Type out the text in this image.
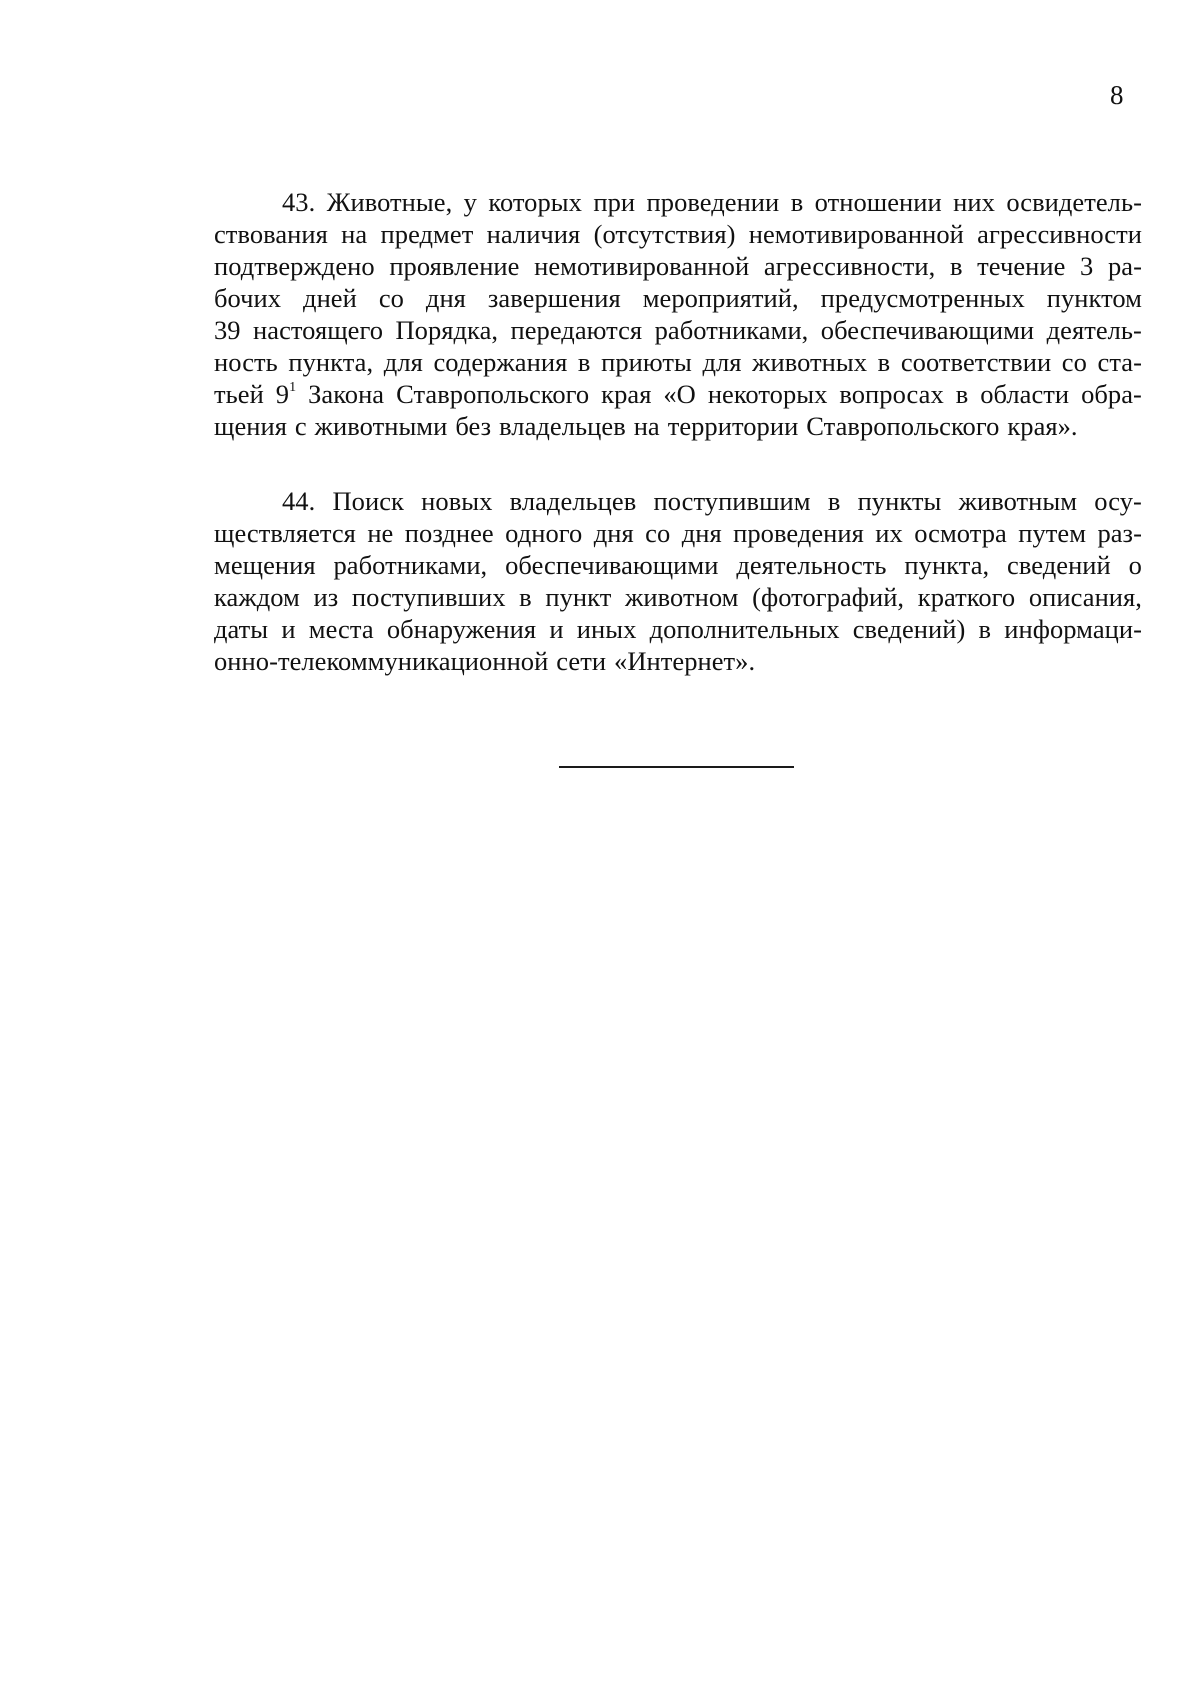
8
43. Животные, у которых при проведении в отношении них освидетель-
ствования на предмет наличия (отсутствия) немотивированной агрессивности
подтверждено проявление немотивированной агрессивности, в течение 3 ра-
бочих дней со дня завершения мероприятий, предусмотренных пунктом
39 настоящего Порядка, передаются работниками, обеспечивающими деятель-
ность пункта, для содержания в приюты для животных в соответствии со ста-
тьей $9^1$ Закона Ставропольского края «О некоторых вопросах в области обра-
щения с животными без владельцев на территории Ставропольского края».
44. Поиск новых владельцев поступившим в пункты животным осу-
ществляется не позднее одного дня со дня проведения их осмотра путем раз-
мещения работниками, обеспечивающими деятельность пункта, сведений о
каждом из поступивших в пункт животном (фотографий, краткого описания,
даты и места обнаружения и иных дополнительных сведений) в информаци-
онно-телекоммуникационной сети «Интернет».
